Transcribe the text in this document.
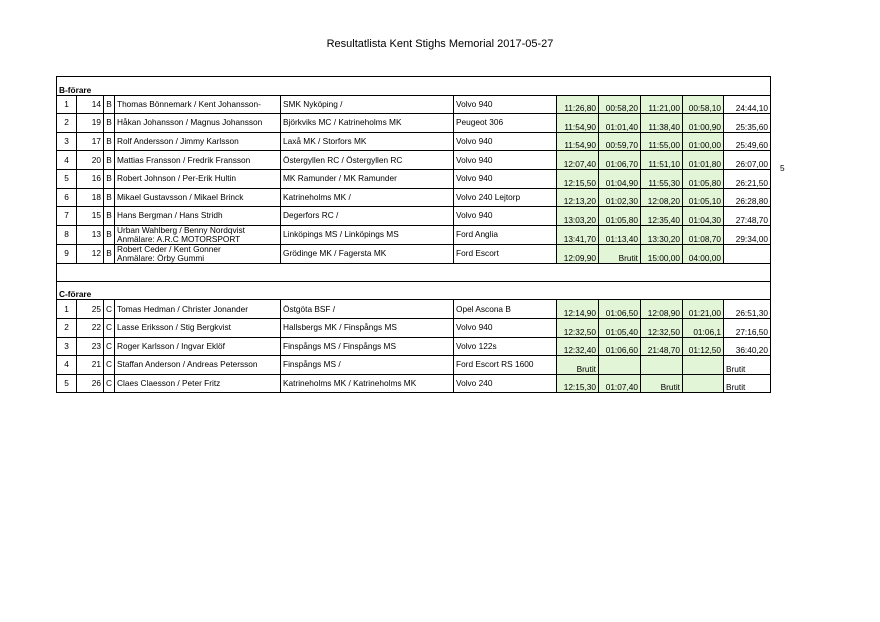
Resultatlista Kent Stighs Memorial 2017-05-27
B-förare										
1	14	B	Thomas Bönnemark / Kent Johansson-	SMK Nyköping /	Volvo 940	11:26,80	00:58,20	11:21,00	00:58,10	24:44,10
2	19	B	Håkan Johansson / Magnus Johansson	Björkviks MC / Katrineholms MK	Peugeot 306	11:54,90	01:01,40	11:38,40	01:00,90	25:35,60
3	17	B	Rolf Andersson / Jimmy Karlsson	Laxå MK / Storfors MK	Volvo 940	11:54,90	00:59,70	11:55,00	01:00,00	25:49,60
4	20	B	Mattias Fransson / Fredrik Fransson	Östergyllen RC / Östergyllen RC	Volvo 940	12:07,40	01:06,70	11:51,10	01:01,80	26:07,00
5	16	B	Robert Johnson / Per-Erik Hultin	MK Ramunder / MK Ramunder	Volvo 940	12:15,50	01:04,90	11:55,30	01:05,80	26:21,50
6	18	B	Mikael Gustavsson / Mikael Brinck	Katrineholms MK /	Volvo 240 Lejtorp	12:13,20	01:02,30	12:08,20	01:05,10	26:28,80
7	15	B	Hans Bergman / Hans Stridh	Degerfors RC /	Volvo 940	13:03,20	01:05,80	12:35,40	01:04,30	27:48,70
8	13	B	Urban Wahlberg / Benny Nordqvist
Anmälare: A.R.C MOTORSPORT	Linköpings MS / Linköpings MS	Ford Anglia	13:41,70	01:13,40	13:30,20	01:08,70	29:34,00
9	12	B	Robert Ceder / Kent Gonner
Anmälare: Örby Gummi	Grödinge MK / Fagersta MK	Ford Escort	12:09,90	Brutit	15:00,00	04:00,00	

C-förare										
1	25	C	Tomas Hedman / Christer Jonander	Östgöta BSF /	Opel Ascona B	12:14,90	01:06,50	12:08,90	01:21,00	26:51,30
2	22	C	Lasse Eriksson / Stig Bergkvist	Hallsbergs MK / Finspångs MS	Volvo 940	12:32,50	01:05,40	12:32,50	01:06,1	27:16,50
3	23	C	Roger Karlsson / Ingvar Eklöf	Finspångs MS / Finspångs MS	Volvo 122s	12:32,40	01:06,60	21:48,70	01:12,50	36:40,20
4	21	C	Staffan Anderson / Andreas Petersson	Finspångs MS /	Ford Escort RS 1600	Brutit				Brutit
5	26	C	Claes Claesson / Peter Fritz	Katrineholms MK / Katrineholms MK	Volvo 240	12:15,30	01:07,40	Brutit		Brutit
5
